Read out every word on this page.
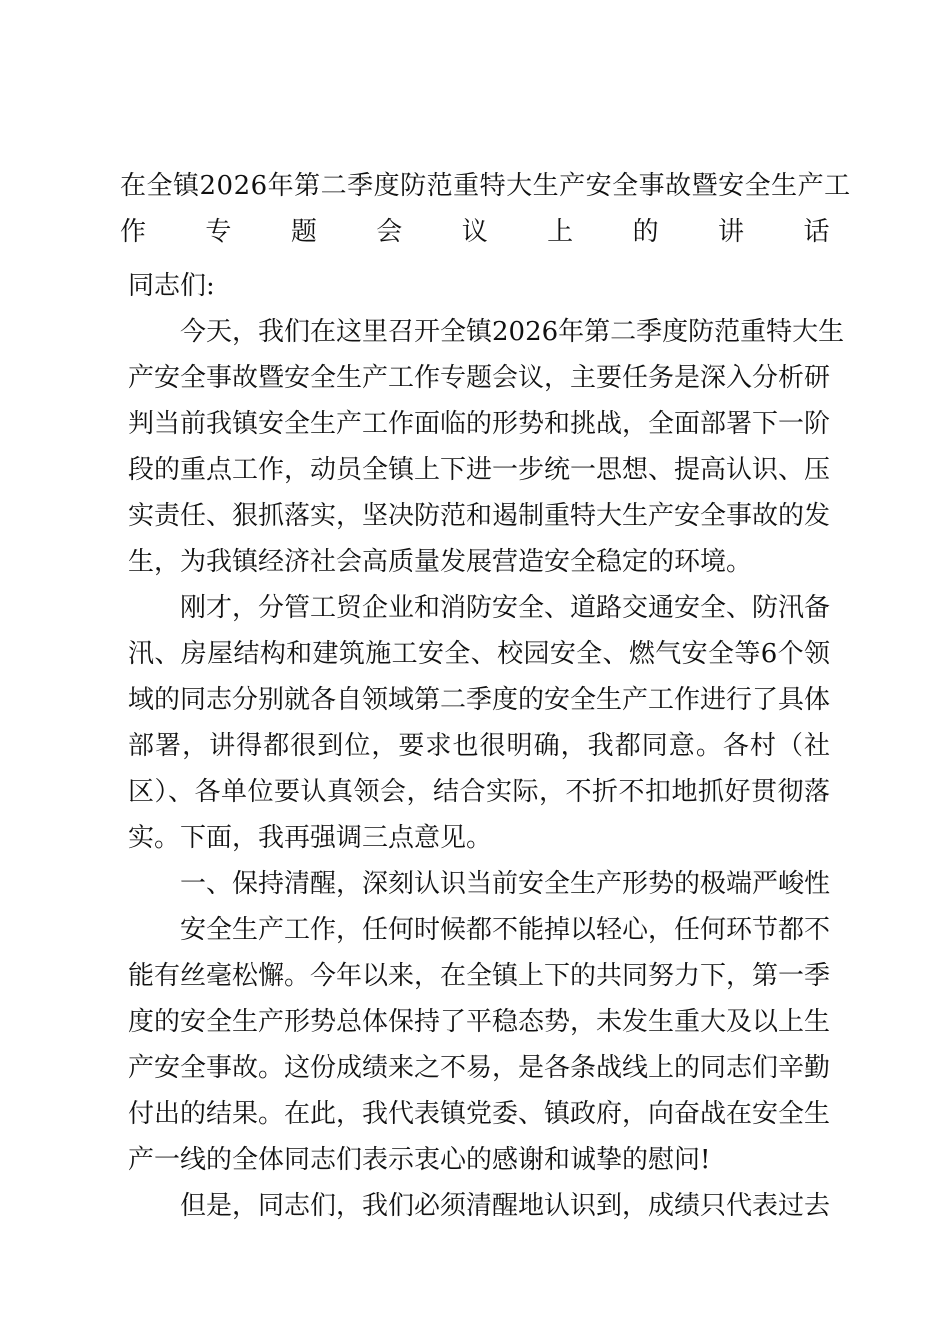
在全镇2026年第二季度防范重特大生产安全事故暨安全生产工
作专题会议上的讲话
同志们:
今天，我们在这里召开全镇2026年第二季度防范重特大生
产安全事故暨安全生产工作专题会议，主要任务是深入分析研
判当前我镇安全生产工作面临的形势和挑战，全面部署下一阶
段的重点工作，动员全镇上下进一步统一思想、提高认识、压
实责任、狠抓落实，坚决防范和遏制重特大生产安全事故的发
生，为我镇经济社会高质量发展营造安全稳定的环境。
刚才，分管工贸企业和消防安全、道路交通安全、防汛备
汛、房屋结构和建筑施工安全、校园安全、燃气安全等6个领
域的同志分别就各自领域第二季度的安全生产工作进行了具体
部署，讲得都很到位，要求也很明确，我都同意。各村（社
区）、各单位要认真领会，结合实际，不折不扣地抓好贯彻落
实。下面，我再强调三点意见。
一、保持清醒，深刻认识当前安全生产形势的极端严峻性
安全生产工作，任何时候都不能掉以轻心，任何环节都不
能有丝毫松懈。今年以来，在全镇上下的共同努力下，第一季
度的安全生产形势总体保持了平稳态势，未发生重大及以上生
产安全事故。这份成绩来之不易，是各条战线上的同志们辛勤
付出的结果。在此，我代表镇党委、镇政府，向奋战在安全生
产一线的全体同志们表示衷心的感谢和诚挚的慰问!
但是，同志们，我们必须清醒地认识到，成绩只代表过去
